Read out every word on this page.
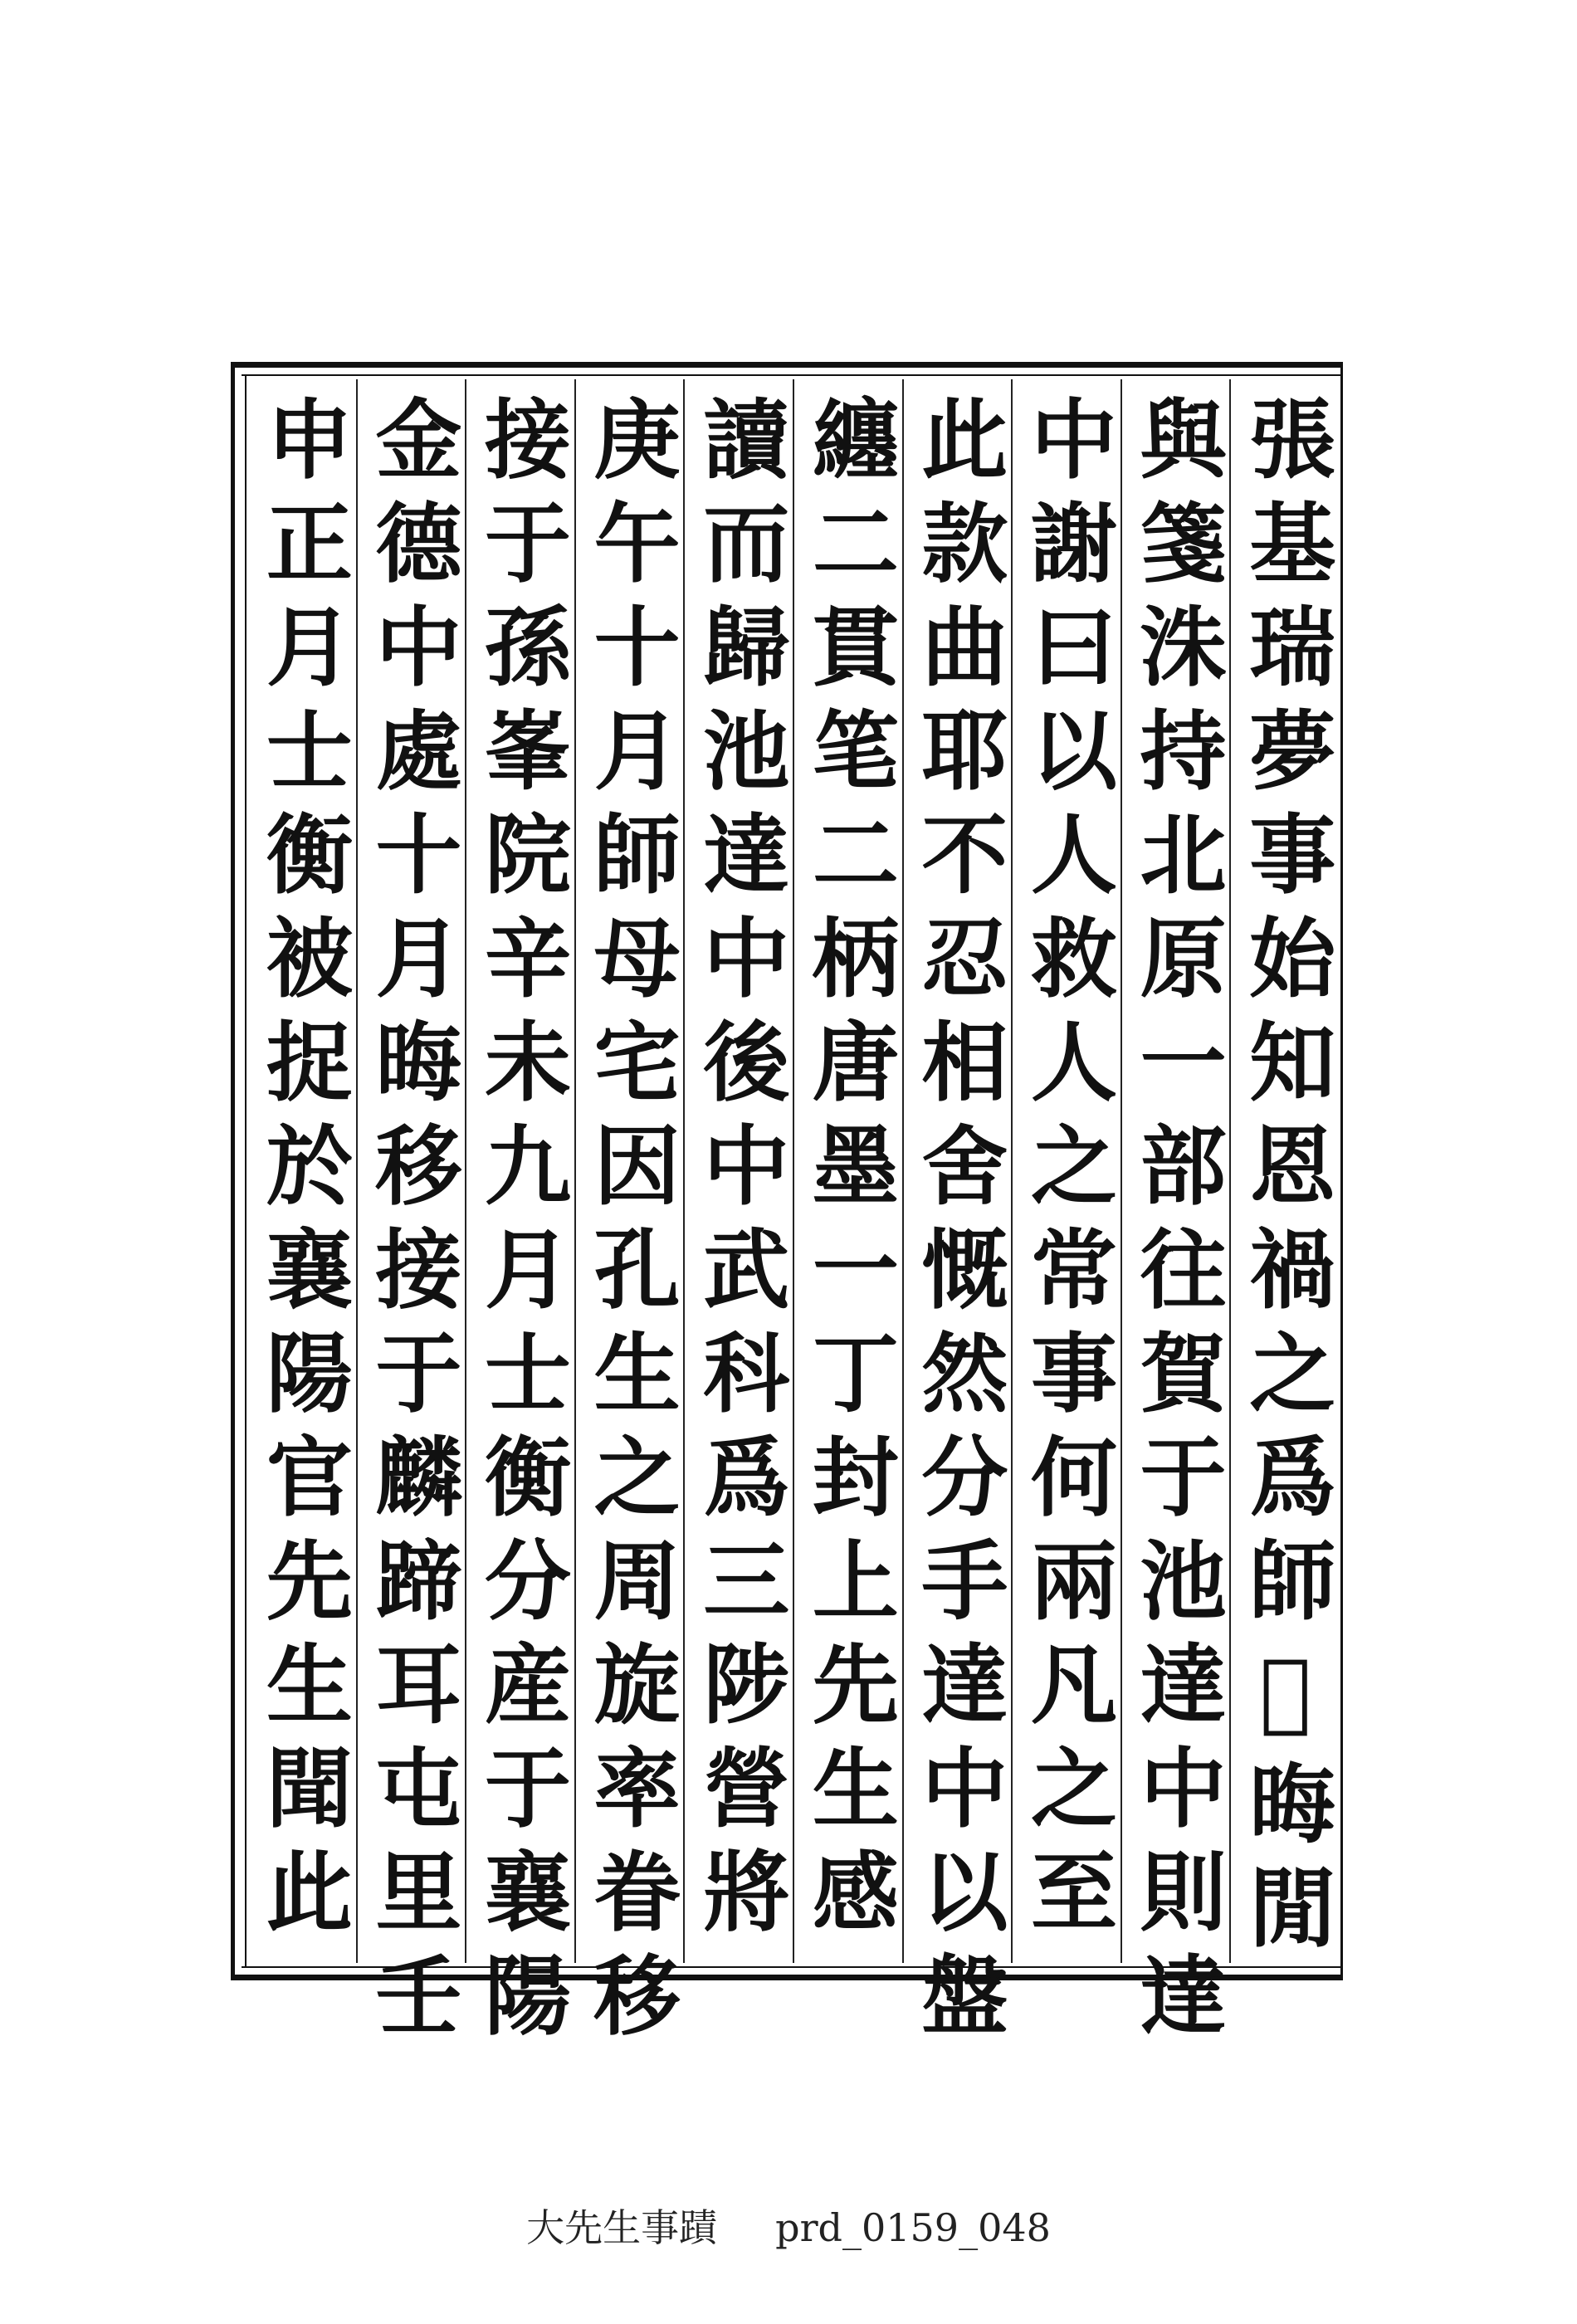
張基瑞夢事始知恩禍之爲師𠡠晦閒
與箋洙持北原一部往賀于池達中則達
中謝曰以人救人之常事何兩凡之至
此款曲耶不忍相舍慨然分手達中以盤
纏二貫笔二柄唐墨一丁封上先生感
讀而歸池達中後中武科爲三陟營將
庚午十月師母宅因孔生之周旋率眷移
接于孫峯院辛未九月士衡分産于襄陽
金德中處十月晦移接于麟蹄耳屯里壬
申正月士衡被捉於襄陽官先生聞此
大先生事蹟 prd_0159_048
